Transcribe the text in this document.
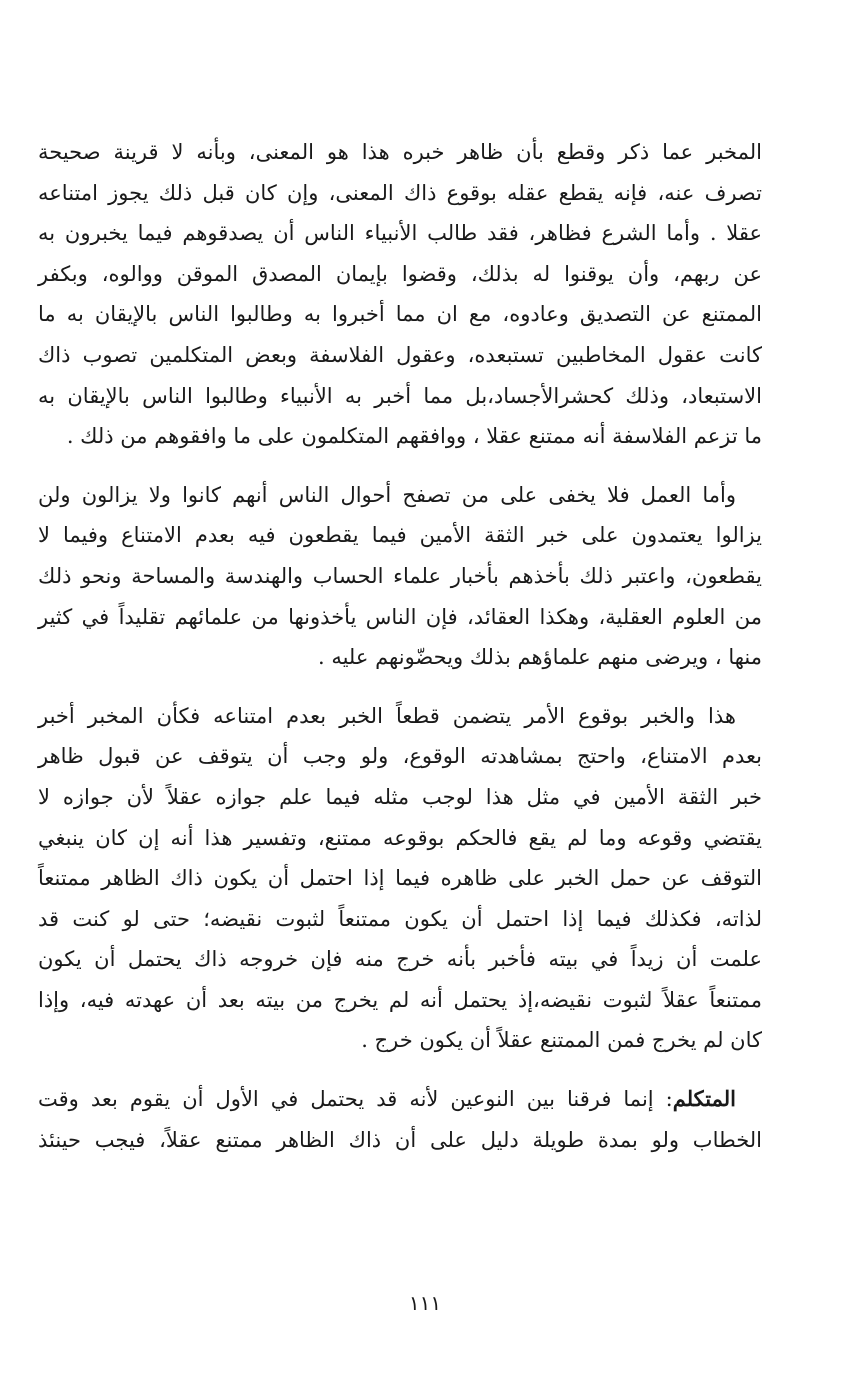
المخبر عما ذكر وقطع بأن ظاهر خبره هذا هو المعنى، وبأنه لا قرينة صحيحة
تصرف عنه، فإنه يقطع عقله بوقوع ذاك المعنى، وإن كان قبل ذلك يجوز امتناعه
عقلا . وأما الشرع فظاهر، فقد طالب الأنبياء الناس أن يصدقوهم فيما يخبرون به
عن ربهم، وأن يوقنوا له بذلك، وقضوا بإيمان المصدق الموقن ووالوه، وبكفر
الممتنع عن التصديق وعادوه، مع ان مما أخبروا به وطالبوا الناس بالإيقان به ما
كانت عقول المخاطبين تستبعده، وعقول الفلاسفة وبعض المتكلمين تصوب ذاك
الاستبعاد، وذلك كحشرالأجساد،بل مما أخبر به الأنبياء وطالبوا الناس بالإيقان به
ما تزعم الفلاسفة أنه ممتنع عقلا ، ووافقهم المتكلمون على ما وافقوهم من ذلك .
وأما العمل فلا يخفى على من تصفح أحوال الناس أنهم كانوا ولا يزالون ولن
يزالوا يعتمدون على خبر الثقة الأمين فيما يقطعون فيه بعدم الامتناع وفيما لا
يقطعون، واعتبر ذلك بأخذهم بأخبار علماء الحساب والهندسة والمساحة ونحو ذلك
من العلوم العقلية، وهكذا العقائد، فإن الناس يأخذونها من علمائهم تقليداً في كثير
منها ، ويرضى منهم علماؤهم بذلك ويحضّونهم عليه .
هذا والخبر بوقوع الأمر يتضمن قطعاً الخبر بعدم امتناعه فكأن المخبر أخبر
بعدم الامتناع، واحتج بمشاهدته الوقوع، ولو وجب أن يتوقف عن قبول ظاهر
خبر الثقة الأمين في مثل هذا لوجب مثله فيما علم جوازه عقلاً لأن جوازه لا
يقتضي وقوعه وما لم يقع فالحكم بوقوعه ممتنع، وتفسير هذا أنه إن كان ينبغي
التوقف عن حمل الخبر على ظاهره فيما إذا احتمل أن يكون ذاك الظاهر ممتنعاً
لذاته، فكذلك فيما إذا احتمل أن يكون ممتنعاً لثبوت نقيضه؛ حتى لو كنت قد
علمت أن زيداً في بيته فأخبر بأنه خرج منه فإن خروجه ذاك يحتمل أن يكون
ممتنعاً عقلاً لثبوت نقيضه،إذ يحتمل أنه لم يخرج من بيته بعد أن عهدته فيه، وإذا
كان لم يخرج فمن الممتنع عقلاً أن يكون خرج .
المتكلم: إنما فرقنا بين النوعين لأنه قد يحتمل في الأول أن يقوم بعد وقت
الخطاب ولو بمدة طويلة دليل على أن ذاك الظاهر ممتنع عقلاً، فيجب حينئذ
١١١
